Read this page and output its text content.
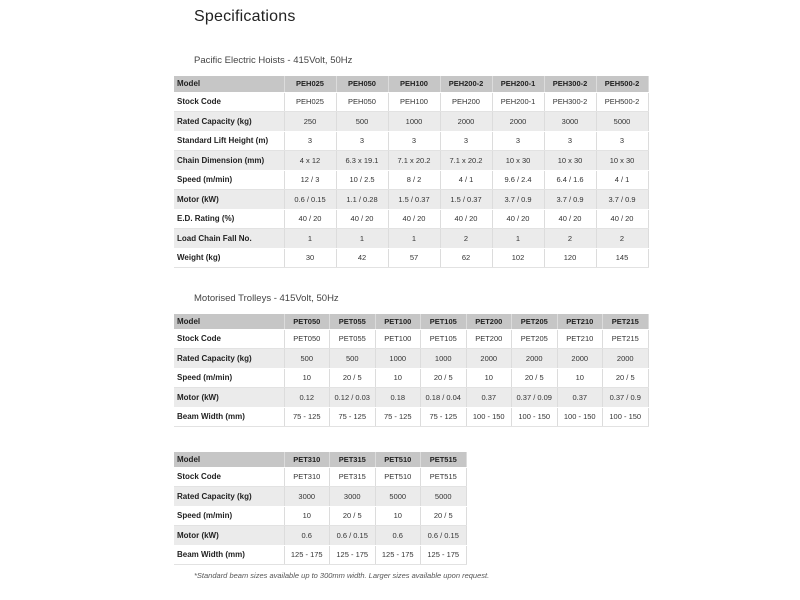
Specifications
Pacific Electric Hoists - 415Volt, 50Hz
Model	PEH025	PEH050	PEH100	PEH200-2	PEH200-1	PEH300-2	PEH500-2
Stock Code	PEH025	PEH050	PEH100	PEH200	PEH200-1	PEH300-2	PEH500-2
Rated Capacity (kg)	250	500	1000	2000	2000	3000	5000
Standard Lift Height (m)	3	3	3	3	3	3	3
Chain Dimension (mm)	4 x 12	6.3 x 19.1	7.1 x 20.2	7.1 x 20.2	10 x 30	10 x 30	10 x 30
Speed (m/min)	12 / 3	10 / 2.5	8 / 2	4 / 1	9.6 / 2.4	6.4 / 1.6	4 / 1
Motor (kW)	0.6 / 0.15	1.1 / 0.28	1.5 / 0.37	1.5 / 0.37	3.7 / 0.9	3.7 / 0.9	3.7 / 0.9
E.D. Rating (%)	40 / 20	40 / 20	40 / 20	40 / 20	40 / 20	40 / 20	40 / 20
Load Chain Fall No.	1	1	1	2	1	2	2
Weight (kg)	30	42	57	62	102	120	145
Motorised Trolleys - 415Volt, 50Hz
Model	PET050	PET055	PET100	PET105	PET200	PET205	PET210	PET215
Stock Code	PET050	PET055	PET100	PET105	PET200	PET205	PET210	PET215
Rated Capacity (kg)	500	500	1000	1000	2000	2000	2000	2000
Speed (m/min)	10	20 / 5	10	20 / 5	10	20 / 5	10	20 / 5
Motor (kW)	0.12	0.12 / 0.03	0.18	0.18 / 0.04	0.37	0.37 / 0.09	0.37	0.37 / 0.9
Beam Width (mm)	75 - 125	75 - 125	75 - 125	75 - 125	100 - 150	100 - 150	100 - 150	100 - 150
Model	PET310	PET315	PET510	PET515
Stock Code	PET310	PET315	PET510	PET515
Rated Capacity (kg)	3000	3000	5000	5000
Speed (m/min)	10	20 / 5	10	20 / 5
Motor (kW)	0.6	0.6 / 0.15	0.6	0.6 / 0.15
Beam Width (mm)	125 - 175	125 - 175	125 - 175	125 - 175
*Standard beam sizes available up to 300mm width. Larger sizes available upon request.
